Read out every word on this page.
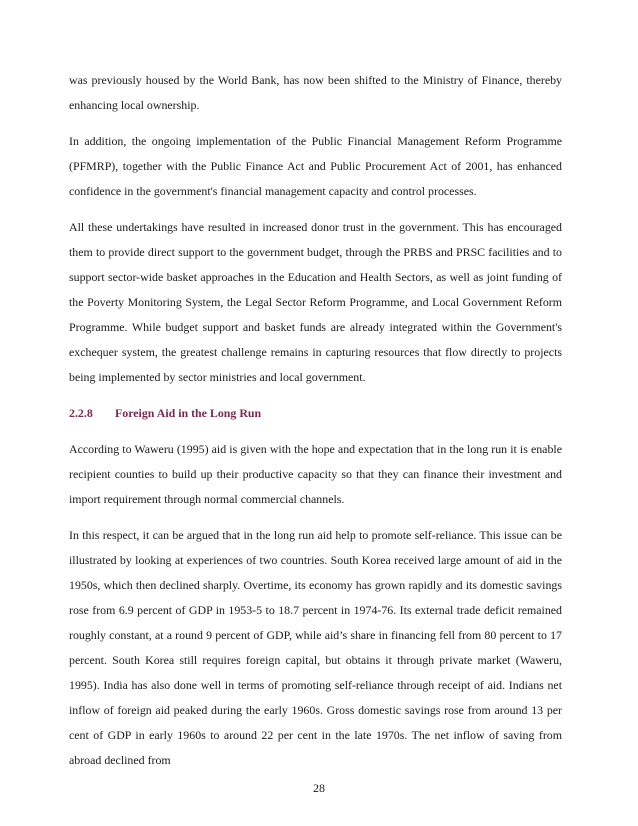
was previously housed by the World Bank, has now been shifted to the Ministry of Finance, thereby enhancing local ownership.

In addition, the ongoing implementation of the Public Financial Management Reform Programme (PFMRP), together with the Public Finance Act and Public Procurement Act of 2001, has enhanced confidence in the government's financial management capacity and control processes.

All these undertakings have resulted in increased donor trust in the government. This has encouraged them to provide direct support to the government budget, through the PRBS and PRSC facilities and to support sector-wide basket approaches in the Education and Health Sectors, as well as joint funding of the Poverty Monitoring System, the Legal Sector Reform Programme, and Local Government Reform Programme. While budget support and basket funds are already integrated within the Government's exchequer system, the greatest challenge remains in capturing resources that flow directly to projects being implemented by sector ministries and local government.

2.2.8 Foreign Aid in the Long Run

According to Waweru (1995) aid is given with the hope and expectation that in the long run it is enable recipient counties to build up their productive capacity so that they can finance their investment and import requirement through normal commercial channels.

In this respect, it can be argued that in the long run aid help to promote self-reliance. This issue can be illustrated by looking at experiences of two countries. South Korea received large amount of aid in the 1950s, which then declined sharply. Overtime, its economy has grown rapidly and its domestic savings rose from 6.9 percent of GDP in 1953-5 to 18.7 percent in 1974-76. Its external trade deficit remained roughly constant, at a round 9 percent of GDP, while aid’s share in financing fell from 80 percent to 17 percent. South Korea still requires foreign capital, but obtains it through private market (Waweru, 1995). India has also done well in terms of promoting self-reliance through receipt of aid. Indians net inflow of foreign aid peaked during the early 1960s. Gross domestic savings rose from around 13 per cent of GDP in early 1960s to around 22 per cent in the late 1970s. The net inflow of saving from abroad declined from

28
